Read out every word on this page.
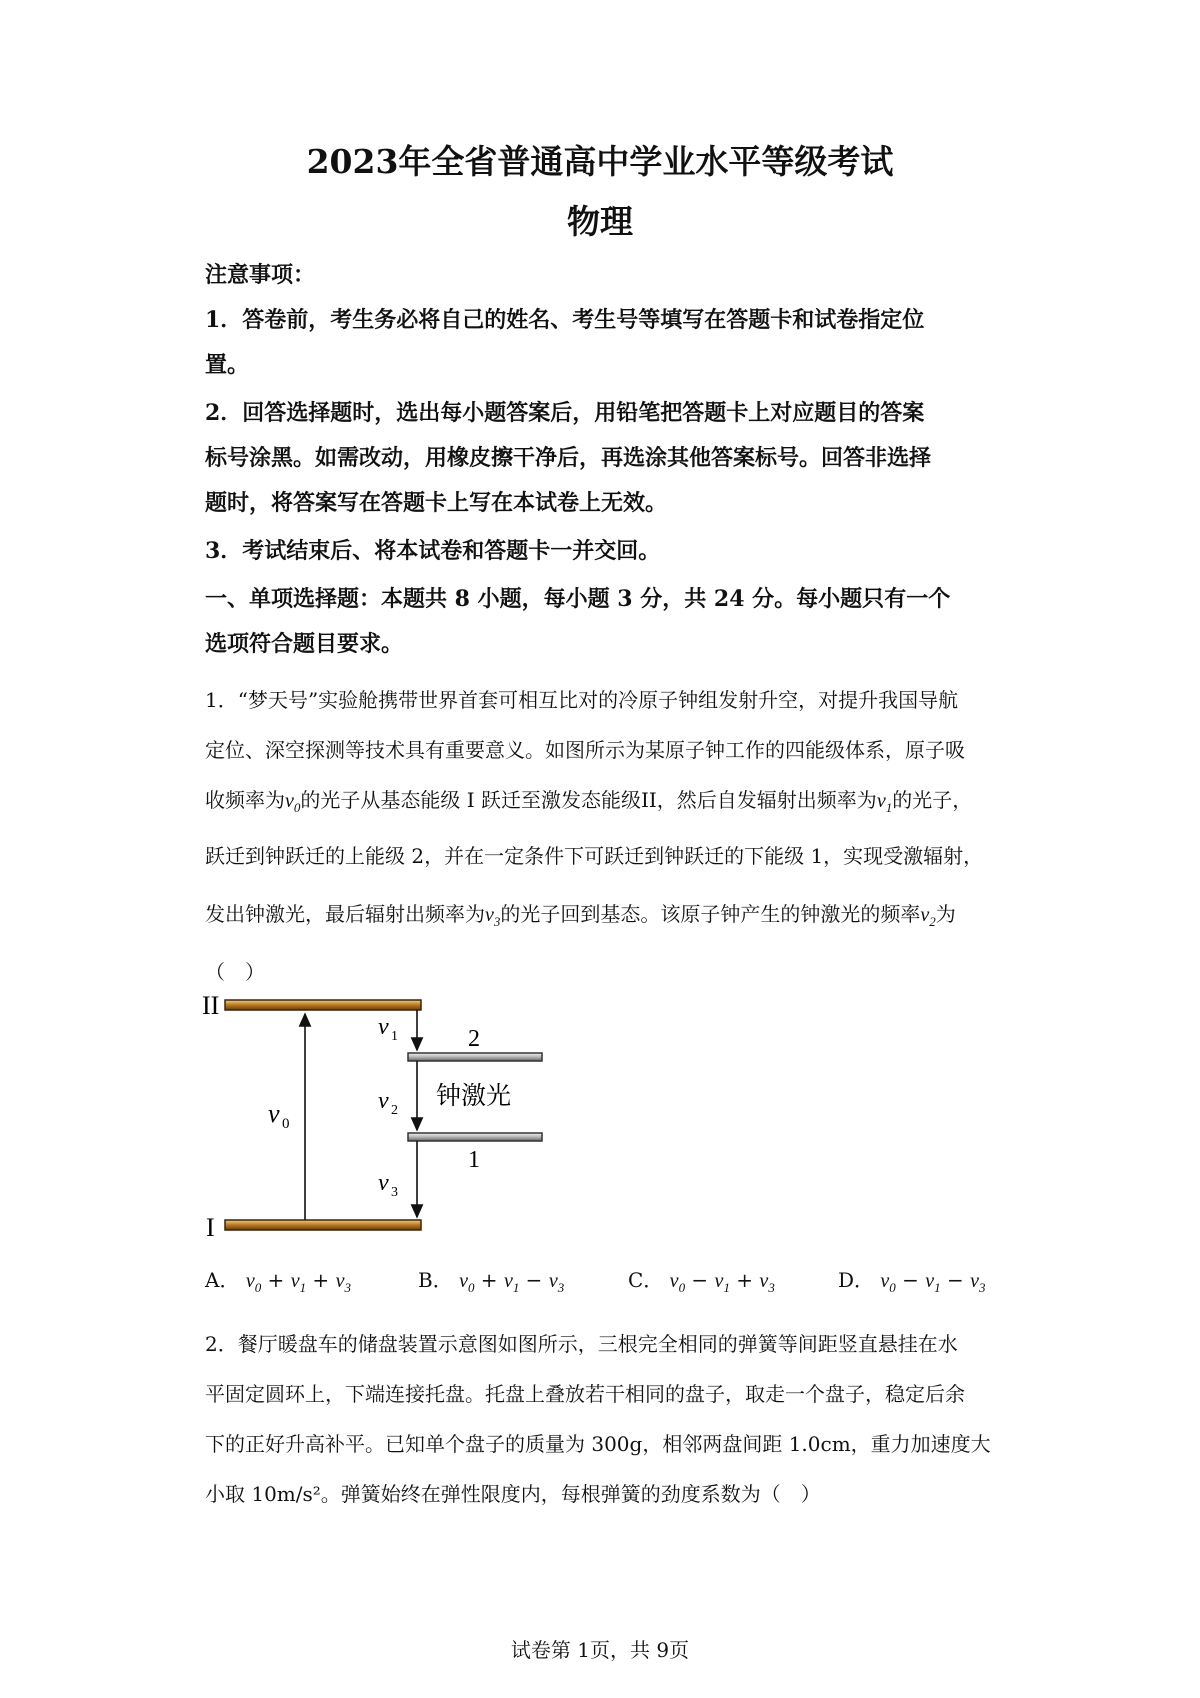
2023年全省普通高中学业水平等级考试
物理
注意事项：
1．答卷前，考生务必将自己的姓名、考生号等填写在答题卡和试卷指定位
置。
2．回答选择题时，选出每小题答案后，用铅笔把答题卡上对应题目的答案
标号涂黑。如需改动，用橡皮擦干净后，再选涂其他答案标号。回答非选择
题时，将答案写在答题卡上写在本试卷上无效。
3．考试结束后、将本试卷和答题卡一并交回。
一、单项选择题：本题共 8 小题，每小题 3 分，共 24 分。每小题只有一个
选项符合题目要求。
1．“梦天号”实验舱携带世界首套可相互比对的冷原子钟组发射升空，对提升我国导航
定位、深空探测等技术具有重要意义。如图所示为某原子钟工作的四能级体系，原子吸
收频率为$\nu_0$的光子从基态能级 I 跃迁至激发态能级II，然后自发辐射出频率为$\nu_1$的光子，
跃迁到钟跃迁的上能级 2，并在一定条件下可跃迁到钟跃迁的下能级 1，实现受激辐射，
发出钟激光，最后辐射出频率为$\nu_3$的光子回到基态。该原子钟产生的钟激光的频率$\nu_2$为
（　）
II
I
2
1
ν 0
ν 1
ν 2
ν 3
钟激光
A． $\nu_0 + \nu_1 + \nu_3$	B． $\nu_0 + \nu_1 - \nu_3$	C． $\nu_0 - \nu_1 + \nu_3$	D． $\nu_0 - \nu_1 - \nu_3$
2．餐厅暖盘车的储盘装置示意图如图所示，三根完全相同的弹簧等间距竖直悬挂在水
平固定圆环上，下端连接托盘。托盘上叠放若干相同的盘子，取走一个盘子，稳定后余
下的正好升高补平。已知单个盘子的质量为 300g，相邻两盘间距 1.0cm，重力加速度大
小取 10m/s²。弹簧始终在弹性限度内，每根弹簧的劲度系数为（　）
试卷第 1页，共 9页
